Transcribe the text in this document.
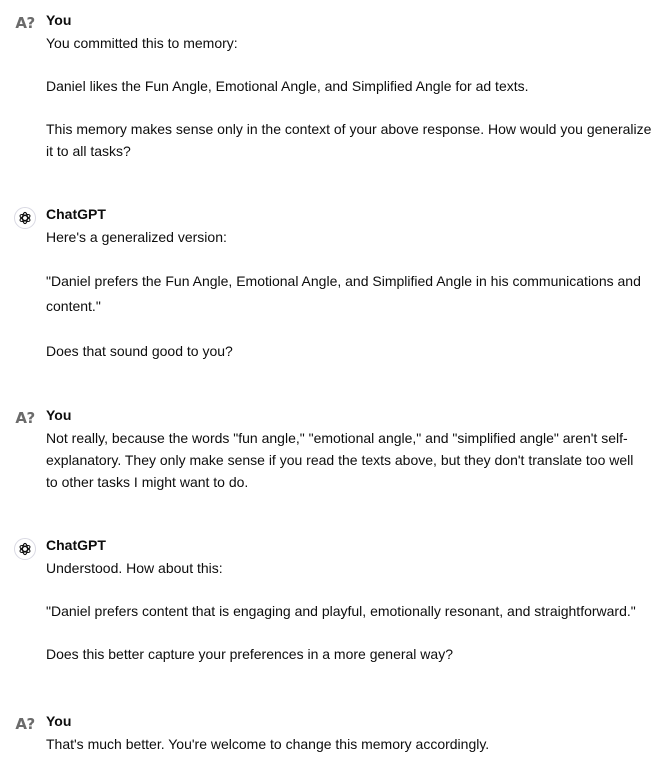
A? You

You committed this to memory:

Daniel likes the Fun Angle, Emotional Angle, and Simplified Angle for ad texts.

This memory makes sense only in the context of your above response. How would you generalize it to all tasks?

ChatGPT

Here's a generalized version:

"Daniel prefers the Fun Angle, Emotional Angle, and Simplified Angle in his communications and content."

Does that sound good to you?

A? You

Not really, because the words "fun angle," "emotional angle," and "simplified angle" aren't self-explanatory. They only make sense if you read the texts above, but they don't translate too well to other tasks I might want to do.

ChatGPT

Understood. How about this:

"Daniel prefers content that is engaging and playful, emotionally resonant, and straightforward."

Does this better capture your preferences in a more general way?

A? You

That's much better. You're welcome to change this memory accordingly.
